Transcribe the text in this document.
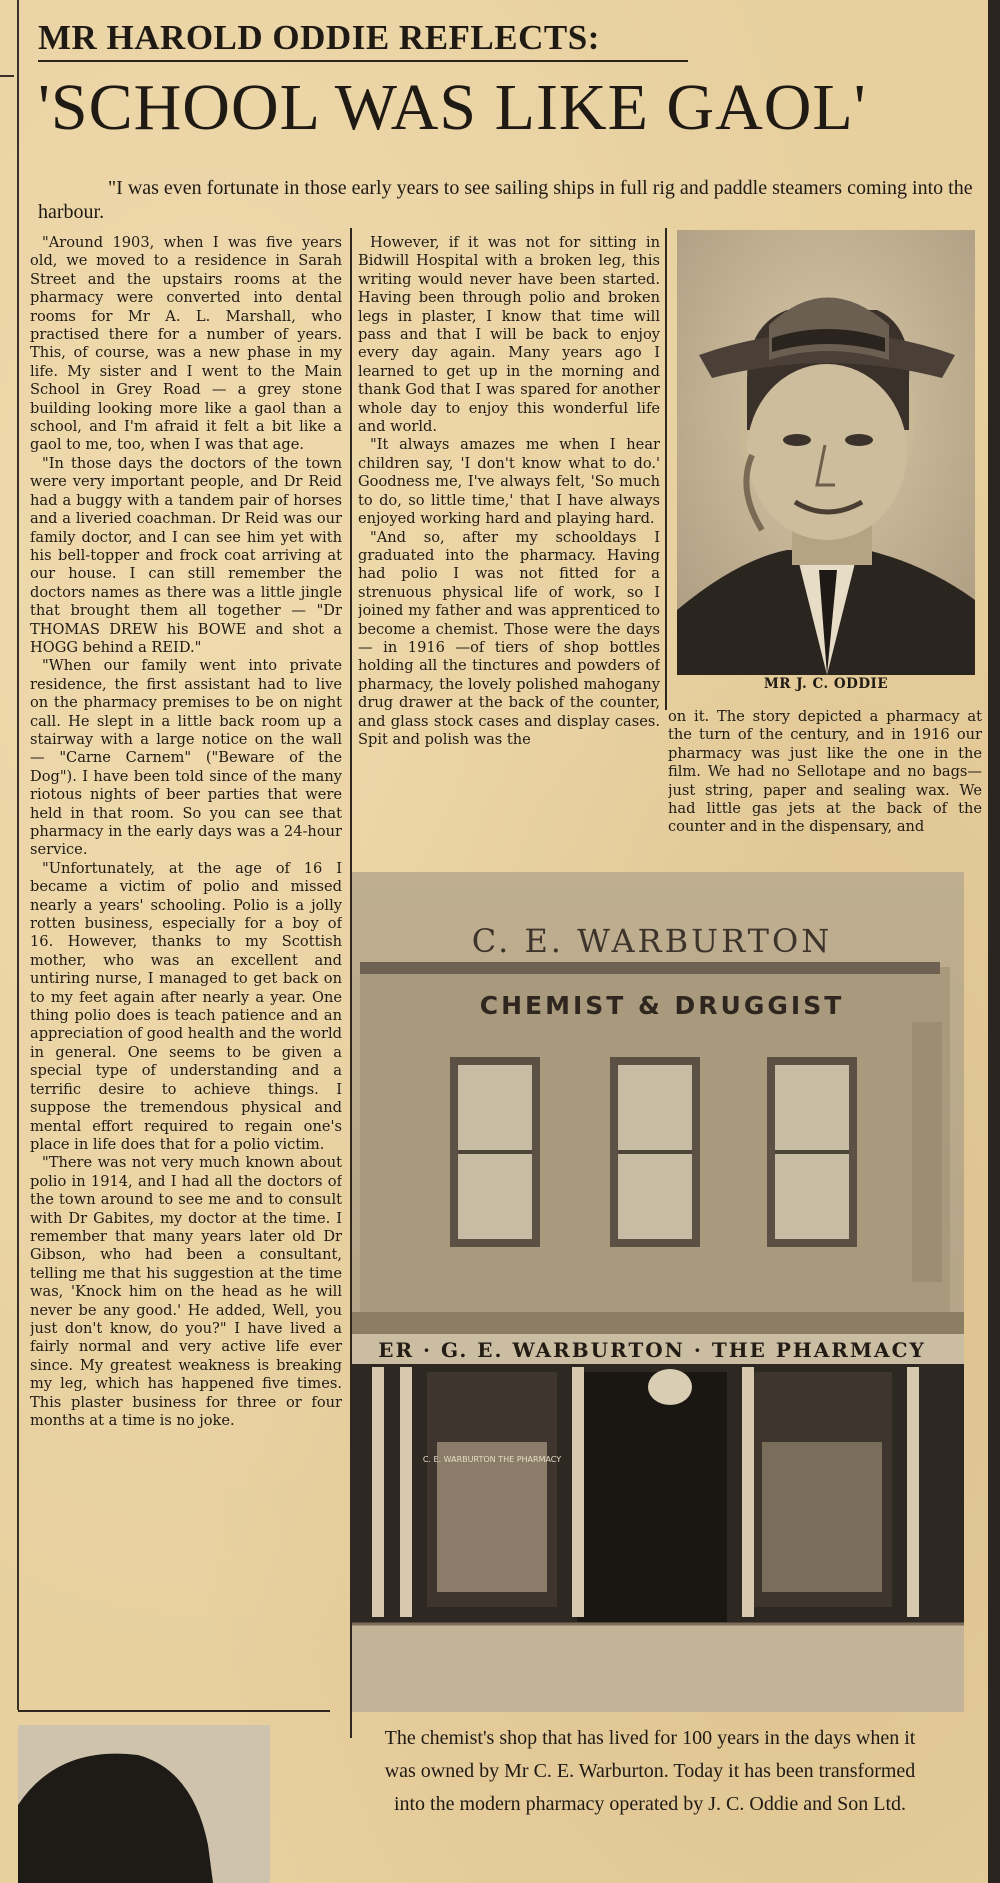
MR HAROLD ODDIE REFLECTS:
'SCHOOL WAS LIKE GAOL'
"I was even fortunate in those early years to see sailing ships in full rig and paddle steamers coming into the harbour.

"Around 1903, when I was five years old, we moved to a residence in Sarah Street and the upstairs rooms at the pharmacy were converted into dental rooms for Mr A. L. Marshall, who practised there for a number of years. This, of course, was a new phase in my life. My sister and I went to the Main School in Grey Road — a grey stone building looking more like a gaol than a school, and I'm afraid it felt a bit like a gaol to me, too, when I was that age.

"In those days the doctors of the town were very important people, and Dr Reid had a buggy with a tandem pair of horses and a liveried coachman. Dr Reid was our family doctor, and I can see him yet with his bell-topper and frock coat arriving at our house. I can still remember the doctors names as there was a little jingle that brought them all together — "Dr THOMAS DREW his BOWE and shot a HOGG behind a REID."

"When our family went into private residence, the first assistant had to live on the pharmacy premises to be on night call. He slept in a little back room up a stairway with a large notice on the wall — "Carne Carnem" ("Beware of the Dog"). I have been told since of the many riotous nights of beer parties that were held in that room. So you can see that pharmacy in the early days was a 24-hour service.

"Unfortunately, at the age of 16 I became a victim of polio and missed nearly a years' schooling. Polio is a jolly rotten business, especially for a boy of 16. However, thanks to my Scottish mother, who was an excellent and untiring nurse, I managed to get back on to my feet again after nearly a year. One thing polio does is teach patience and an appreciation of good health and the world in general. One seems to be given a special type of understanding and a terrific desire to achieve things. I suppose the tremendous physical and mental effort required to regain one's place in life does that for a polio victim.

"There was not very much known about polio in 1914, and I had all the doctors of the town around to see me and to consult with Dr Gabites, my doctor at the time. I remember that many years later old Dr Gibson, who had been a consultant, telling me that his suggestion at the time was, 'Knock him on the head as he will never be any good.' He added, Well, you just don't know, do you?" I have lived a fairly normal and very active life ever since. My greatest weakness is breaking my leg, which has happened five times. This plaster business for three or four months at a time is no joke.

However, if it was not for sitting in Bidwill Hospital with a broken leg, this writing would never have been started. Having been through polio and broken legs in plaster, I know that time will pass and that I will be back to enjoy every day again. Many years ago I learned to get up in the morning and thank God that I was spared for another whole day to enjoy this wonderful life and world.

"It always amazes me when I hear children say, 'I don't know what to do.' Goodness me, I've always felt, 'So much to do, so little time,' that I have always enjoyed working hard and playing hard.

"And so, after my schooldays I graduated into the pharmacy. Having had polio I was not fitted for a strenuous physical life of work, so I joined my father and was apprenticed to become a chemist. Those were the days — in 1916 —of tiers of shop bottles holding all the tinctures and powders of pharmacy, the lovely polished mahogany drug drawer at the back of the counter, and glass stock cases and display cases. Spit and polish was the

on it. The story depicted a pharmacy at the turn of the century, and in 1916 our pharmacy was just like the one in the film. We had no Sellotape and no bags—just string, paper and sealing wax. We had little gas jets at the back of the counter and in the dispensary, and

MR J. C. ODDIE
C. E. WARBURTON
CHEMIST & DRUGGIST
ER · G. E. WARBURTON · THE PHARMACY
C. E. WARBURTON THE PHARMACY
The chemist's shop that has lived for 100 years in the days when it was owned by Mr C. E. Warburton. Today it has been transformed into the modern pharmacy operated by J. C. Oddie and Son Ltd.
